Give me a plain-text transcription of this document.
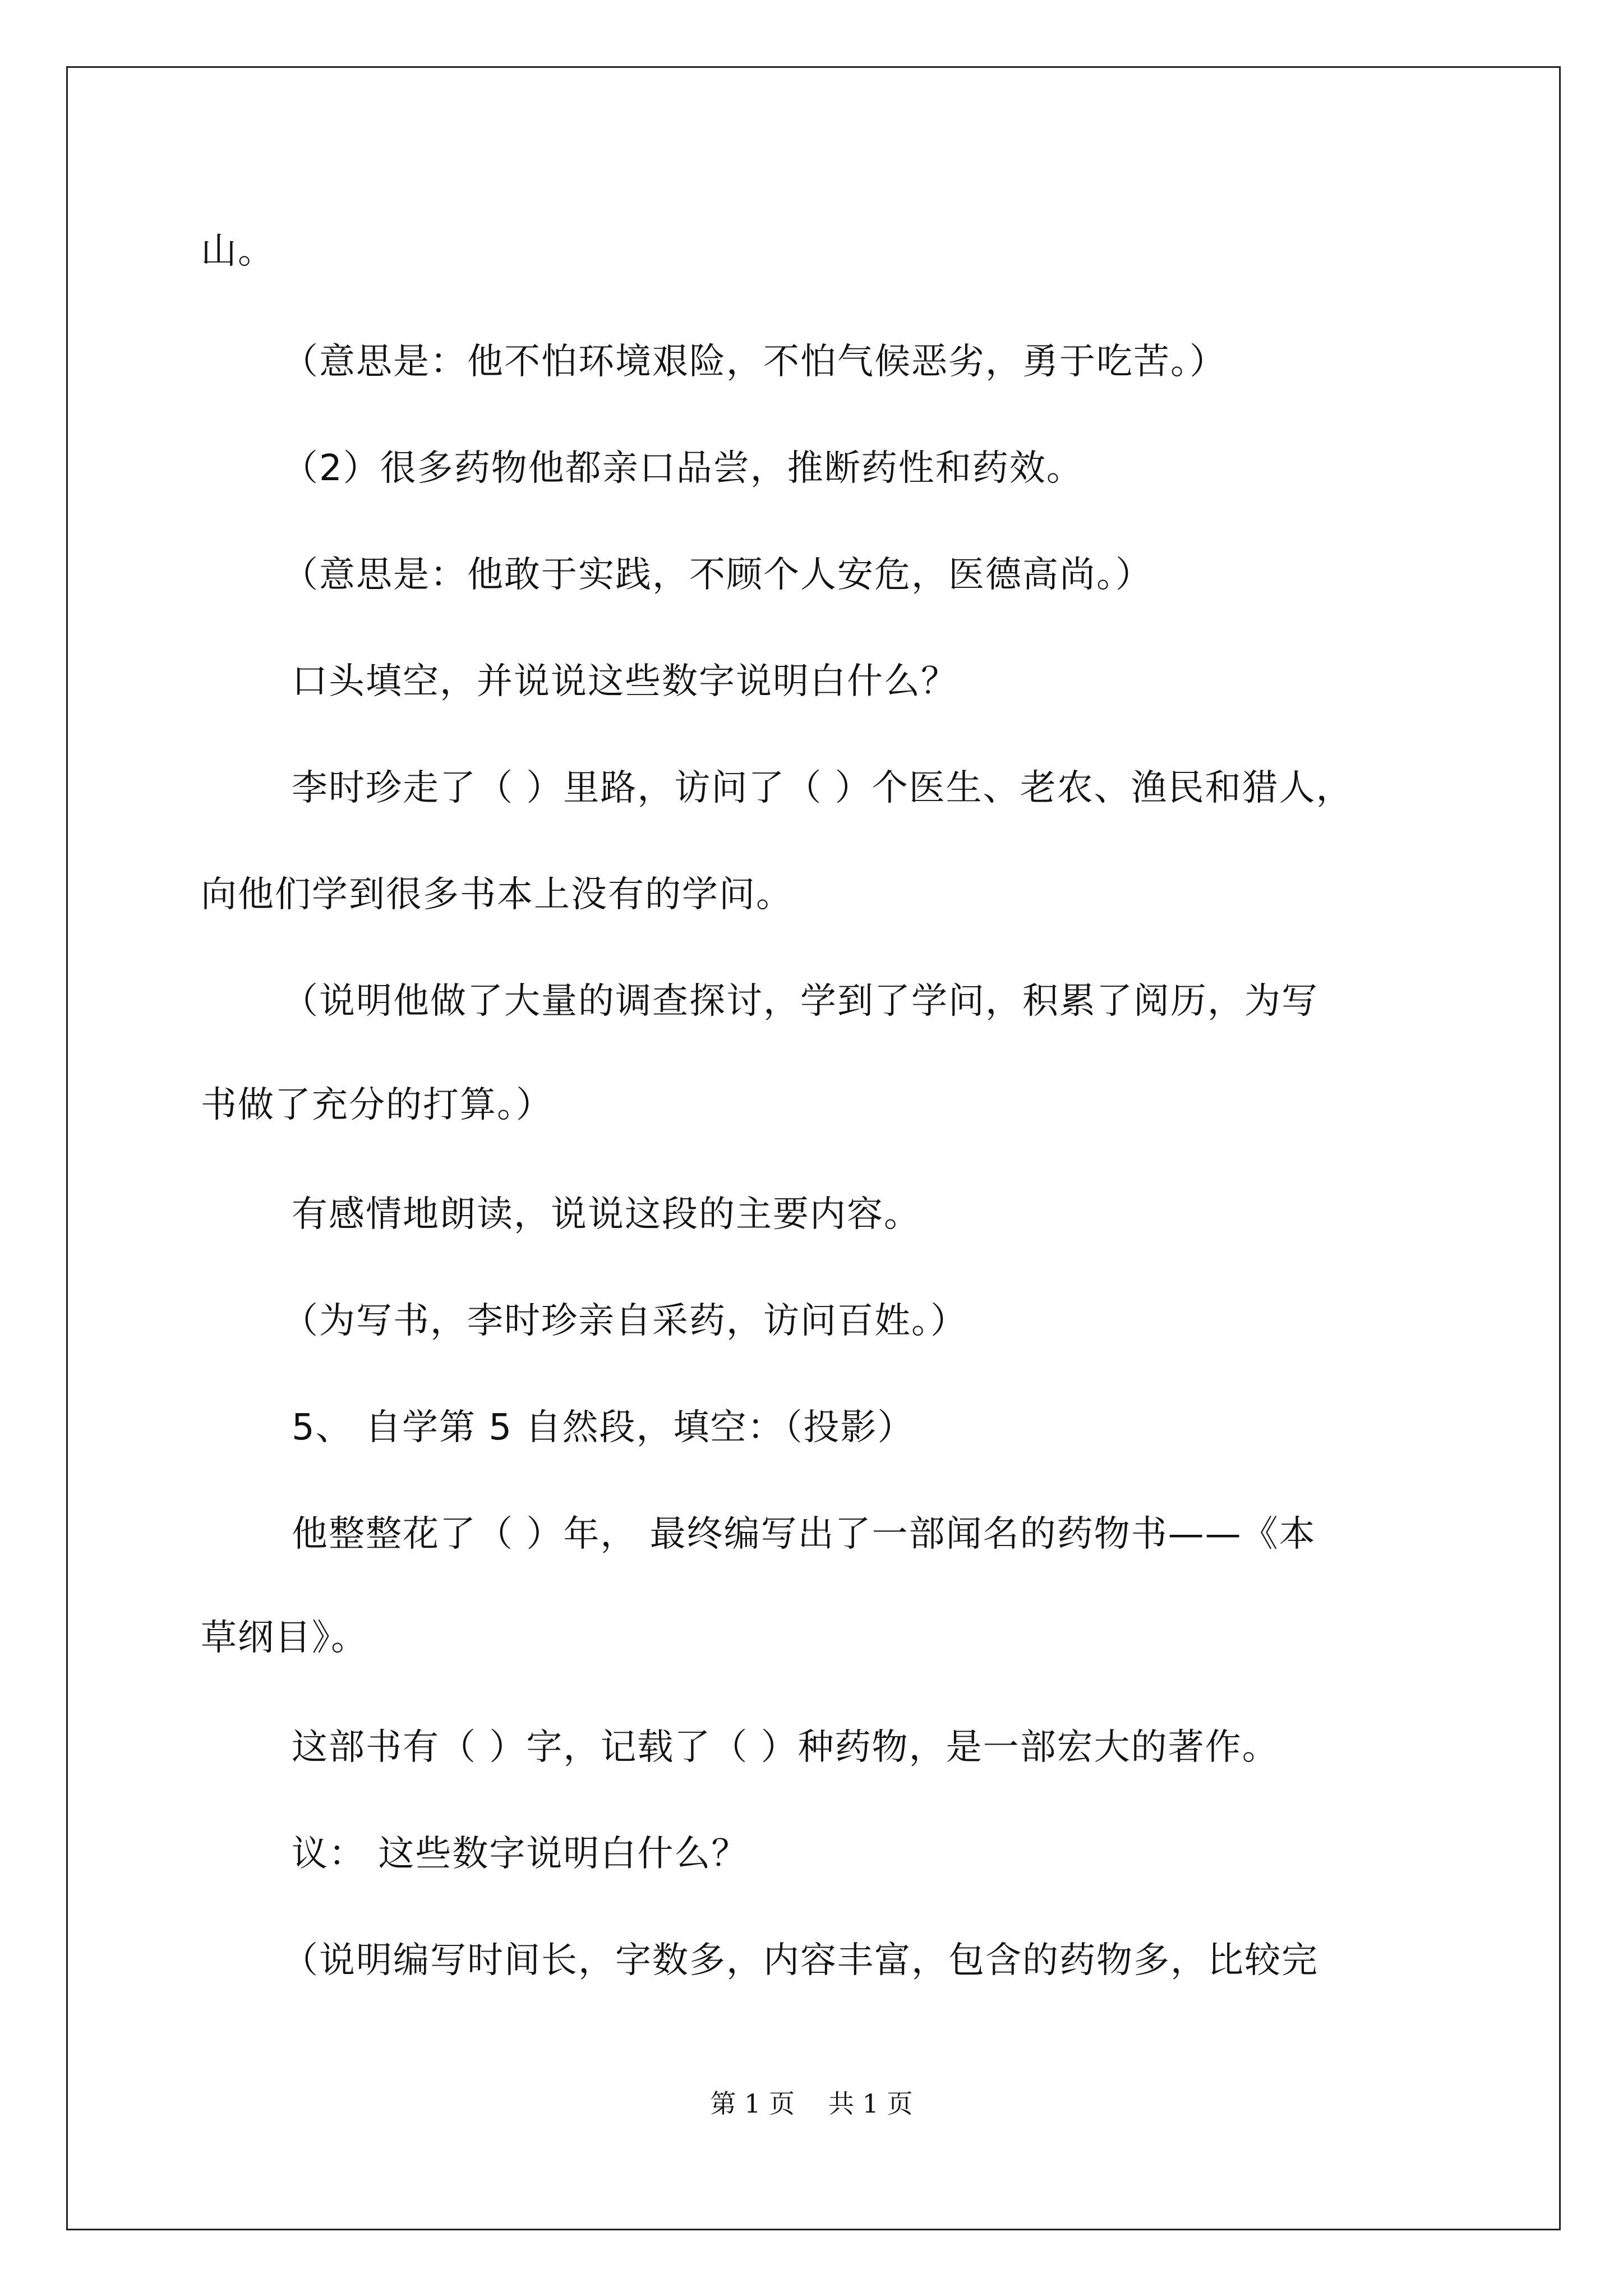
山。
（意思是：他不怕环境艰险，不怕气候恶劣，勇于吃苦。）
（2）很多药物他都亲口品尝，推断药性和药效。
（意思是：他敢于实践，不顾个人安危，医德高尚。）
口头填空，并说说这些数字说明白什么？
李时珍走了（ ）里路，访问了（ ）个医生、老农、渔民和猎人，
向他们学到很多书本上没有的学问。
（说明他做了大量的调查探讨，学到了学问，积累了阅历，为写
书做了充分的打算。）
有感情地朗读，说说这段的主要内容。
（为写书，李时珍亲自采药，访问百姓。）
5、 自学第 5 自然段，填空：（投影）
他整整花了（ ）年， 最终编写出了一部闻名的药物书——《本
草纲目》。
这部书有（ ）字，记载了（ ）种药物，是一部宏大的著作。
议： 这些数字说明白什么？
（说明编写时间长，字数多，内容丰富，包含的药物多，比较完
第 1 页 共 1 页
